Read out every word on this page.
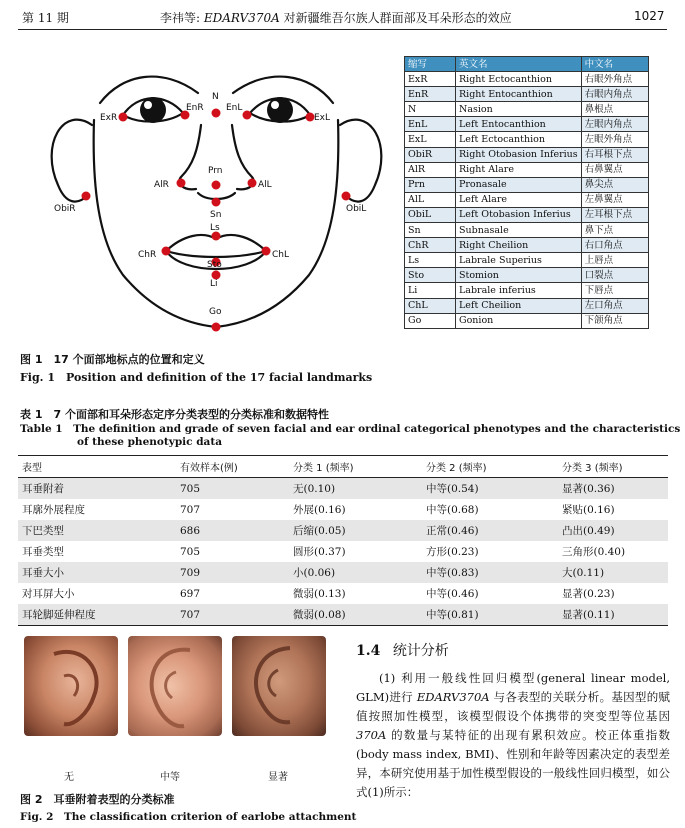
第 11 期	李祎等: EDARV370A 对新疆维吾尔族人群面部及耳朵形态的效应	1027
ExR
EnR
N
EnL
ExL
Prn
AlR	AlL
ObiR	ObiL
Sn
Ls
ChR	ChL
Sto
Li
Go
缩写	英文名	中文名
ExR	Right Ectocanthion	右眼外角点
EnR	Right Entocanthion	右眼内角点
N	Nasion	鼻根点
EnL	Left Entocanthion	左眼内角点
ExL	Left Ectocanthion	左眼外角点
ObiR	Right Otobasion Inferius	右耳根下点
AlR	Right Alare	右鼻翼点
Prn	Pronasale	鼻尖点
AlL	Left Alare	左鼻翼点
ObiL	Left Otobasion Inferius	左耳根下点
Sn	Subnasale	鼻下点
ChR	Right Cheilion	右口角点
Ls	Labrale Superius	上唇点
Sto	Stomion	口裂点
Li	Labrale inferius	下唇点
ChL	Left Cheilion	左口角点
Go	Gonion	下颌角点
图 1　17 个面部地标点的位置和定义
Fig. 1　Position and definition of the 17 facial landmarks
表 1　7 个面部和耳朵形态定序分类表型的分类标准和数据特性
Table 1　The definition and grade of seven facial and ear ordinal categorical phenotypes and the characteristics
of these phenotypic data
表型	有效样本(例)	分类 1 (频率)	分类 2 (频率)	分类 3 (频率)
耳垂附着	705	无(0.10)	中等(0.54)	显著(0.36)
耳廓外展程度	707	外展(0.16)	中等(0.68)	紧贴(0.16)
下巴类型	686	后缩(0.05)	正常(0.46)	凸出(0.49)
耳垂类型	705	圆形(0.37)	方形(0.23)	三角形(0.40)
耳垂大小	709	小(0.06)	中等(0.83)	大(0.11)
对耳屏大小	697	微弱(0.13)	中等(0.46)	显著(0.23)
耳轮脚延伸程度	707	微弱(0.08)	中等(0.81)	显著(0.11)
无	中等	显著
图 2　耳垂附着表型的分类标准
Fig. 2　The classification criterion of earlobe attachment
1.4 统计分析
(1) 利用一般线性回归模型(general linear model, GLM)进行 EDARV370A 与各表型的关联分析。基因型的赋值按照加性模型，该模型假设个体携带的突变型等位基因 370A 的数量与某特征的出现有累积效应。校正体重指数(body mass index, BMI)、性别和年龄等因素决定的表型差异，本研究使用基于加性模型假设的一般线性回归模型，如公式(1)所示：
